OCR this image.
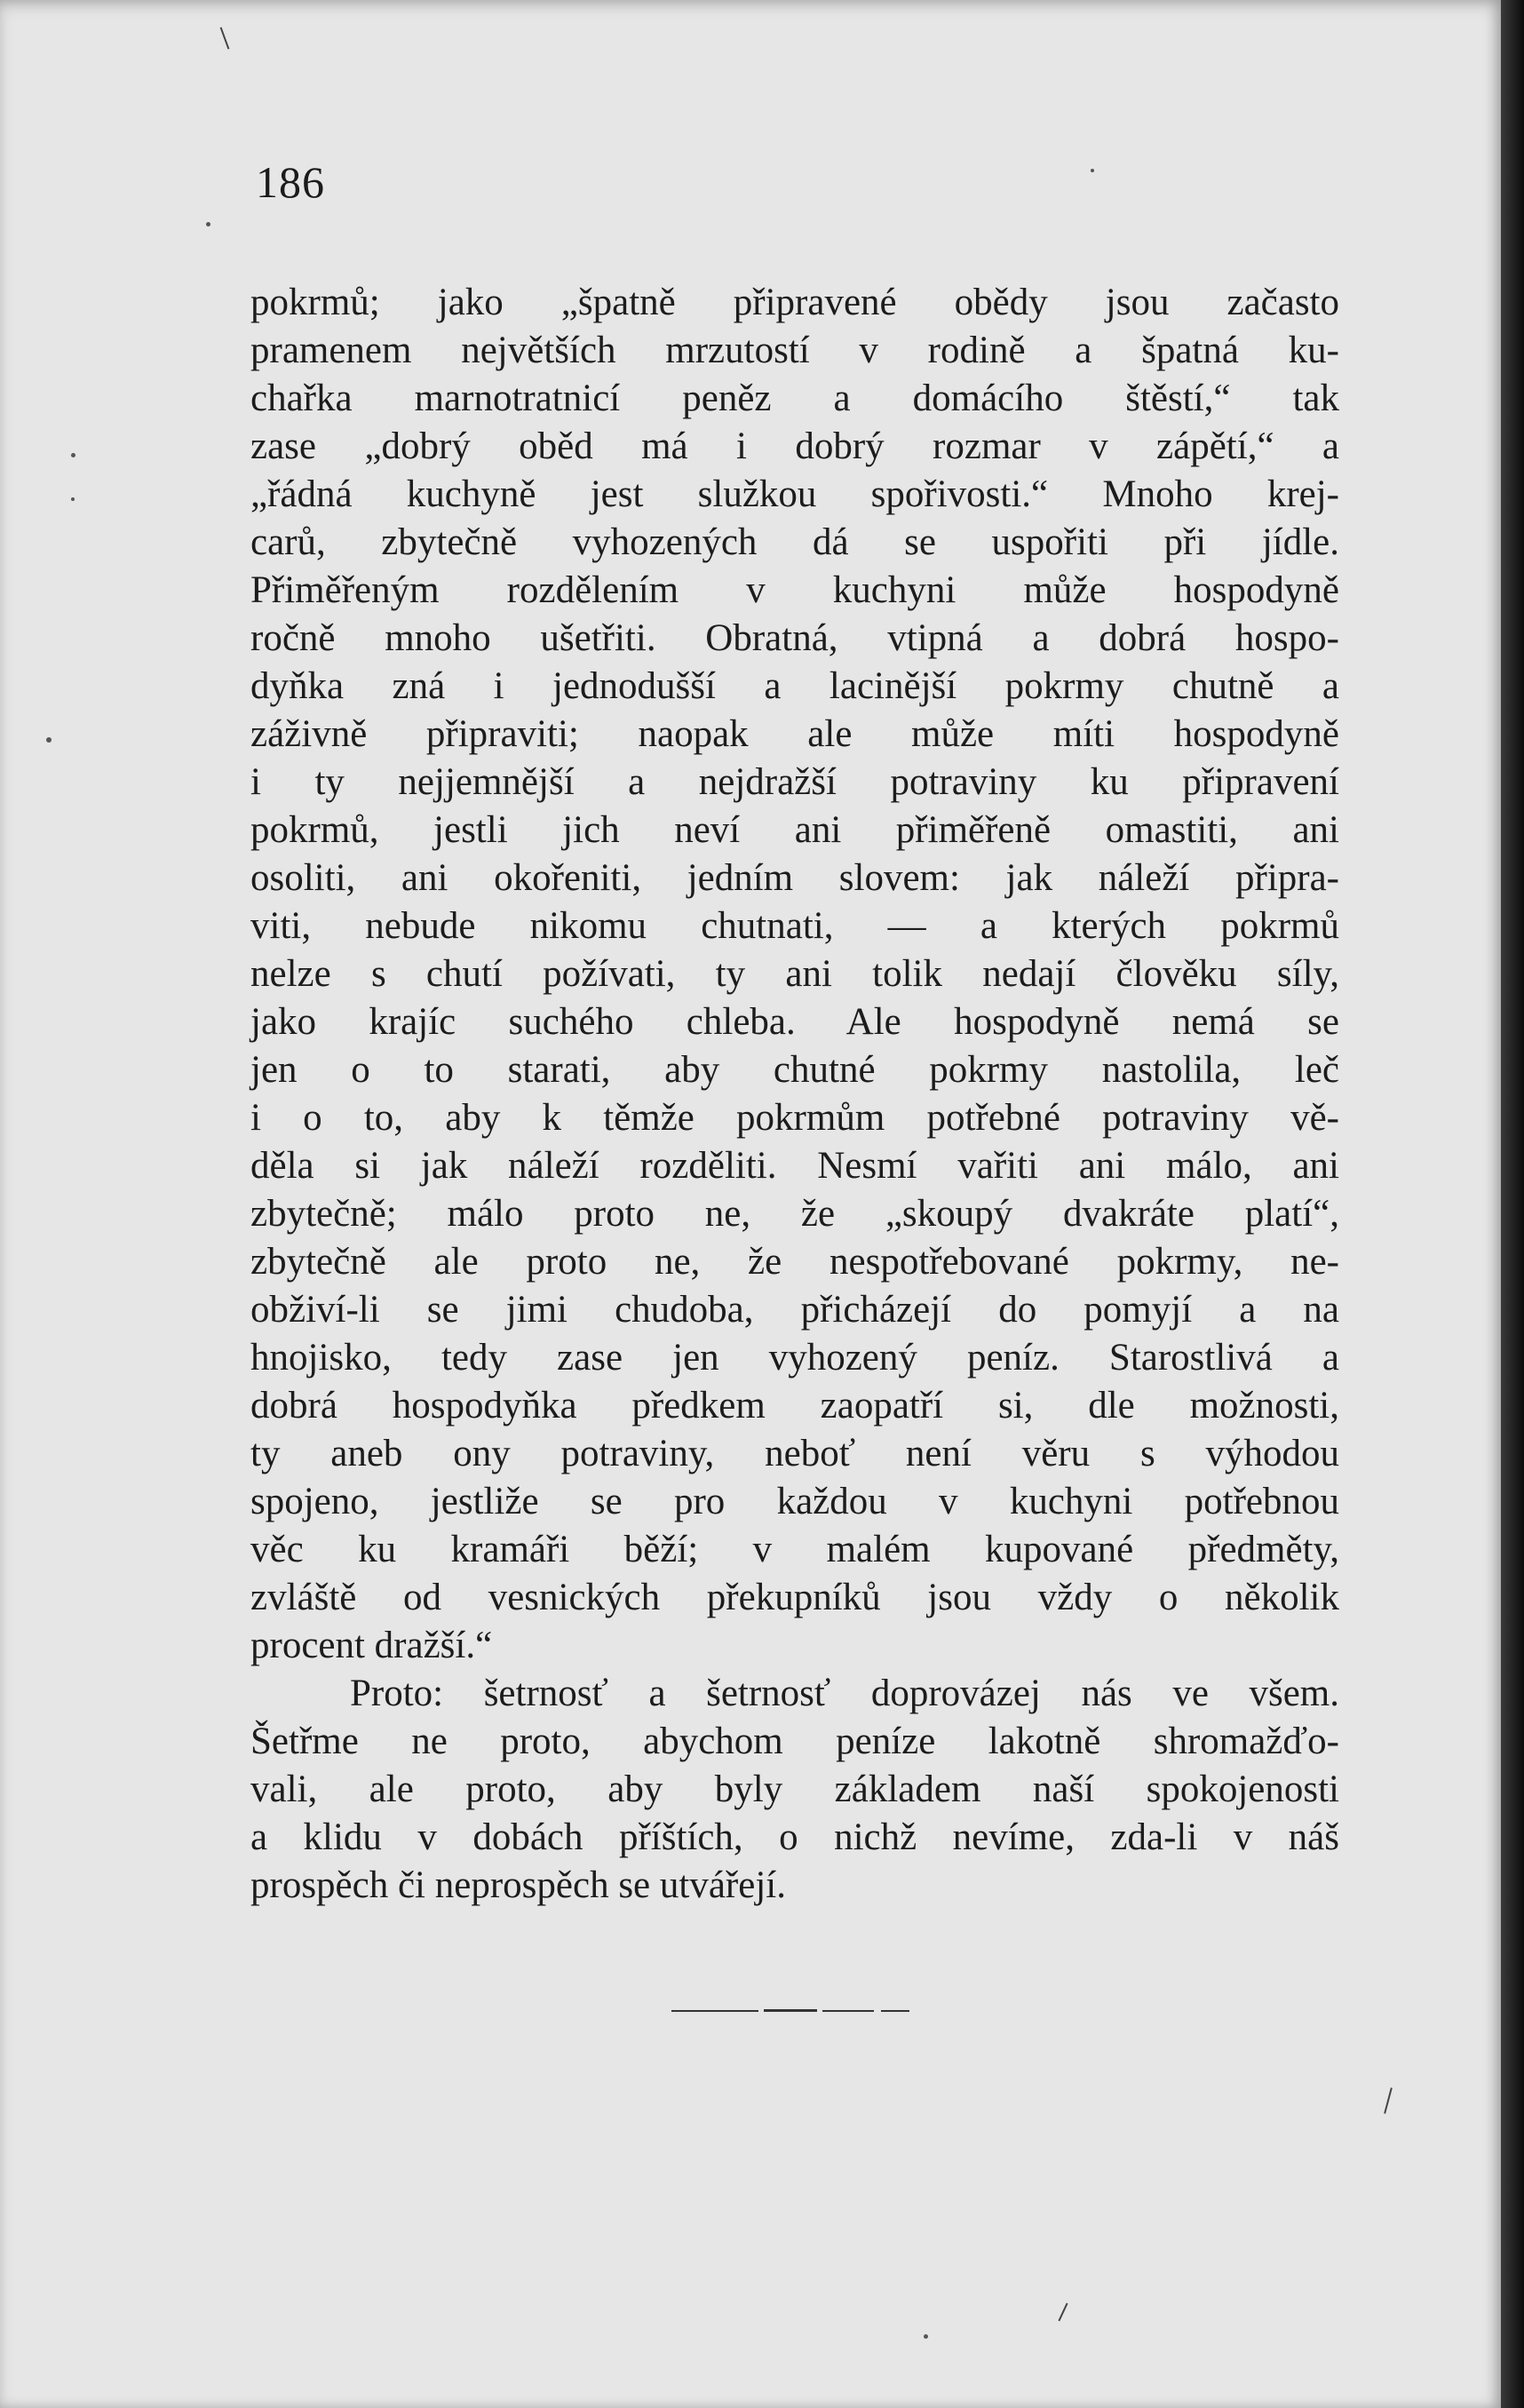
186
pokrmů; jako „špatně připravené obědy jsou začasto
pramenem největších mrzutostí v rodině a špatná ku-
chařka marnotratnicí peněz a domácího štěstí,“ tak
zase „dobrý oběd má i dobrý rozmar v zápětí,“ a
„řádná kuchyně jest služkou spořivosti.“ Mnoho krej-
carů, zbytečně vyhozených dá se uspořiti při jídle.
Přiměřeným rozdělením v kuchyni může hospodyně
ročně mnoho ušetřiti. Obratná, vtipná a dobrá hospo-
dyňka zná i jednodušší a lacinější pokrmy chutně a
záživně připraviti; naopak ale může míti hospodyně
i ty nejjemnější a nejdražší potraviny ku připravení
pokrmů, jestli jich neví ani přiměřeně omastiti, ani
osoliti, ani okořeniti, jedním slovem: jak náleží připra-
viti, nebude nikomu chutnati, — a kterých pokrmů
nelze s chutí požívati, ty ani tolik nedají člověku síly,
jako krajíc suchého chleba. Ale hospodyně nemá se
jen o to starati, aby chutné pokrmy nastolila, leč
i o to, aby k těmže pokrmům potřebné potraviny vě-
děla si jak náleží rozděliti. Nesmí vařiti ani málo, ani
zbytečně; málo proto ne, že „skoupý dvakráte platí“,
zbytečně ale proto ne, že nespotřebované pokrmy, ne-
obživí-li se jimi chudoba, přicházejí do pomyjí a na
hnojisko, tedy zase jen vyhozený peníz. Starostlivá a
dobrá hospodyňka předkem zaopatří si, dle možnosti,
ty aneb ony potraviny, neboť není věru s výhodou
spojeno, jestliže se pro každou v kuchyni potřebnou
věc ku kramáři běží; v malém kupované předměty,
zvláště od vesnických překupníků jsou vždy o několik
procent dražší.“
Proto: šetrnosť a šetrnosť doprovázej nás ve všem.
Šetřme ne proto, abychom peníze lakotně shromažďo-
vali, ale proto, aby byly základem naší spokojenosti
a klidu v dobách příštích, o nichž nevíme, zda-li v náš
prospěch či neprospěch se utvářejí.
